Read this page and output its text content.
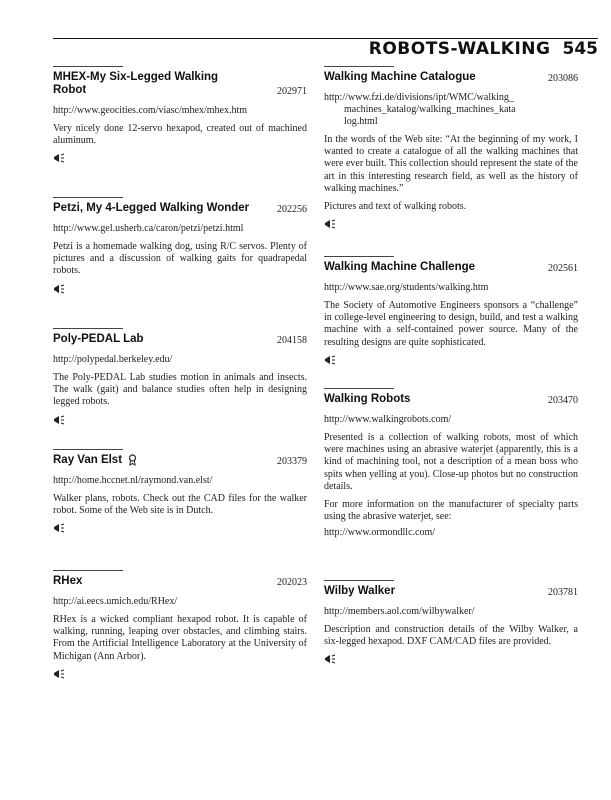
ROBOTS-WALKING 545
MHEX-My Six-Legged Walking Robot	202971
http://www.geocities.com/viasc/mhex/mhex.htm
Very nicely done 12-servo hexapod, created out of machined aluminum.
Petzi, My 4-Legged Walking Wonder	202256
http://www.gel.usherb.ca/caron/petzi/petzi.html
Petzi is a homemade walking dog, using R/C servos. Plenty of pictures and a discussion of walking gaits for quadrapedal robots.
Poly-PEDAL Lab	204158
http://polypedal.berkeley.edu/
The Poly-PEDAL Lab studies motion in animals and insects. The walk (gait) and balance studies often help in designing legged robots.
Ray Van Elst	203379
http://home.hccnet.nl/raymond.van.elst/
Walker plans, robots. Check out the CAD files for the walker robot. Some of the Web site is in Dutch.
RHex	202023
http://ai.eecs.umich.edu/RHex/
RHex is a wicked compliant hexapod robot. It is capable of walking, running, leaping over obstacles, and climbing stairs. From the Artificial Intelligence Laboratory at the University of Michigan (Ann Arbor).
Walking Machine Catalogue	203086
http://www.fzi.de/divisions/ipt/WMC/walking_machines_katalog/walking_machines_katalog.html
In the words of the Web site: “At the beginning of my work, I wanted to create a catalogue of all the walking machines that were ever built. This collection should represent the state of the art in this interesting research field, as well as the history of walking machines.”
Pictures and text of walking robots.
Walking Machine Challenge	202561
http://www.sae.org/students/walking.htm
The Society of Automotive Engineers sponsors a “challenge” in college-level engineering to design, build, and test a walking machine with a self-contained power source. Many of the resulting designs are quite sophisticated.
Walking Robots	203470
http://www.walkingrobots.com/
Presented is a collection of walking robots, most of which were machines using an abrasive waterjet (apparently, this is a kind of machining tool, not a description of a mean boss who spits when yelling at you). Close-up photos but no construction details.
For more information on the manufacturer of specialty parts using the abrasive waterjet, see:
http://www.ormondllc.com/
Wilby Walker	203781
http://members.aol.com/wilbywalker/
Description and construction details of the Wilby Walker, a six-legged hexapod. DXF CAM/CAD files are provided.
